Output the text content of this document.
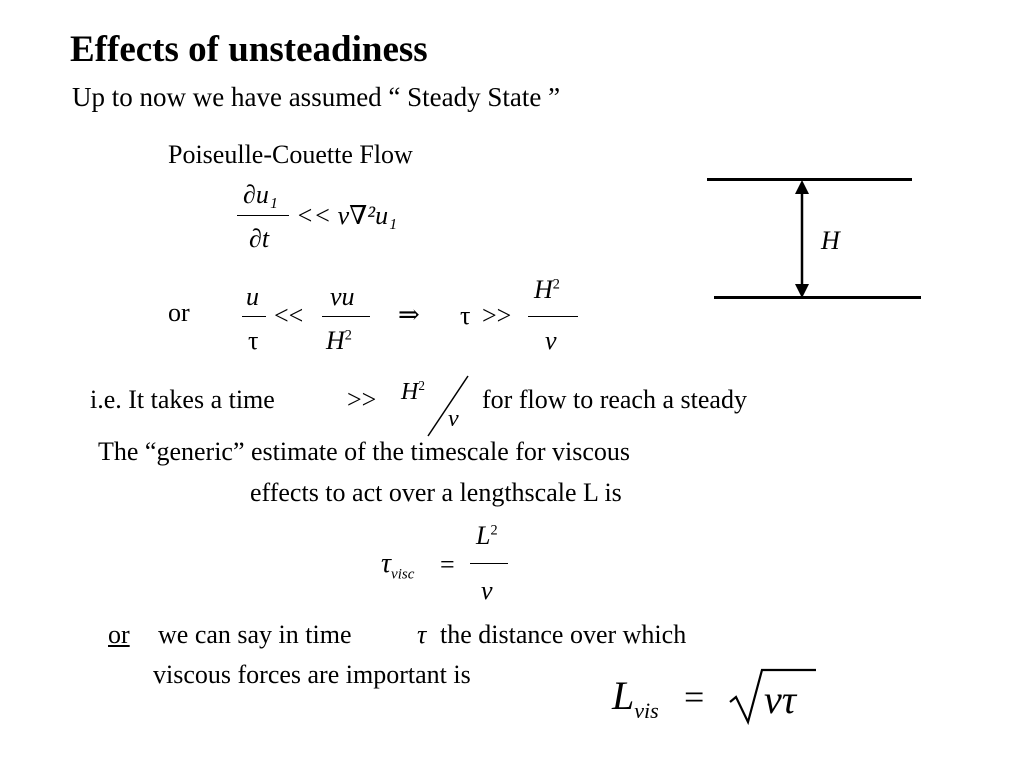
Effects of unsteadiness
Up to now we have assumed “ Steady State ”
Poiseulle-Couette Flow
∂u₁
∂t
<< v∇²u₁
or
u
τ
<<
vu
$H^2$
⇒ τ >>
$H^2$
v
H
i.e. It takes a time	>> $H^2$
v
for flow to reach a steady
The “generic” estimate of the timescale for viscous
effects to act over a lengthscale L is
$\tau_{visc}$ =
$L^2$
v
or we can say in time	τ the distance over which
viscous forces are important is	$L_{vis} = v\tau$
